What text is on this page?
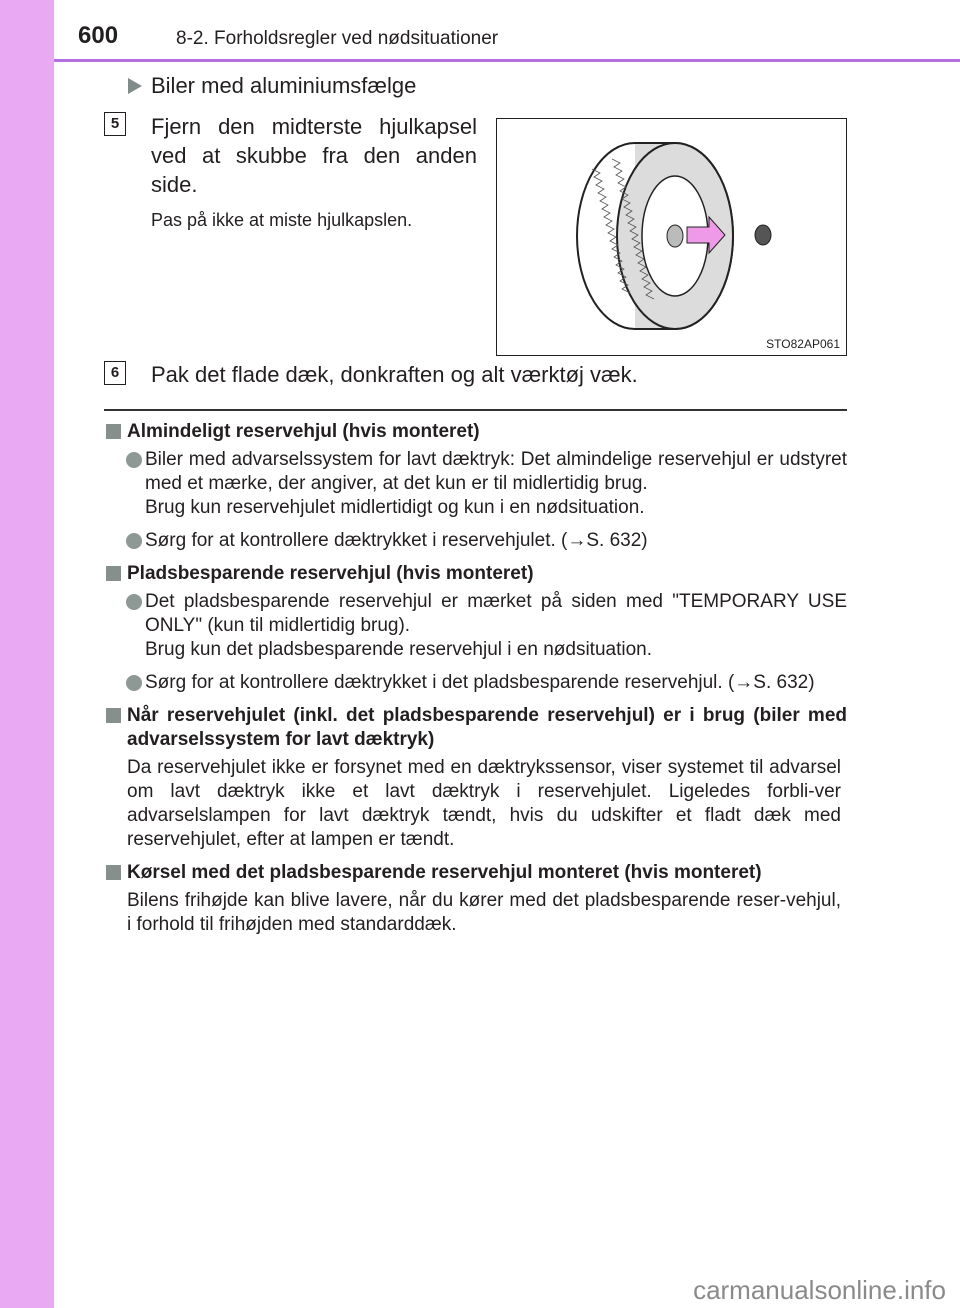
600	8-2. Forholdsregler ved nødsituationer
Biler med aluminiumsfælge
5	Fjern den midterste hjulkapsel ved at skubbe fra den anden side.
Pas på ikke at miste hjulkapslen.
STO82AP061
6	Pak det flade dæk, donkraften og alt værktøj væk.
Almindeligt reservehjul (hvis monteret)
Biler med advarselssystem for lavt dæktryk: Det almindelige reservehjul er udstyret med et mærke, der angiver, at det kun er til midlertidig brug.
Brug kun reservehjulet midlertidigt og kun i en nødsituation.
Sørg for at kontrollere dæktrykket i reservehjulet. (→S. 632)
Pladsbesparende reservehjul (hvis monteret)
Det pladsbesparende reservehjul er mærket på siden med "TEMPORARY USE ONLY" (kun til midlertidig brug).
Brug kun det pladsbesparende reservehjul i en nødsituation.
Sørg for at kontrollere dæktrykket i det pladsbesparende reservehjul. (→S. 632)
Når reservehjulet (inkl. det pladsbesparende reservehjul) er i brug (biler med advarselssystem for lavt dæktryk)
Da reservehjulet ikke er forsynet med en dæktrykssensor, viser systemet til advarsel om lavt dæktryk ikke et lavt dæktryk i reservehjulet. Ligeledes forbli-ver advarselslampen for lavt dæktryk tændt, hvis du udskifter et fladt dæk med reservehjulet, efter at lampen er tændt.
Kørsel med det pladsbesparende reservehjul monteret (hvis monteret)
Bilens frihøjde kan blive lavere, når du kører med det pladsbesparende reser-vehjul, i forhold til frihøjden med standarddæk.
carmanualsonline.info
